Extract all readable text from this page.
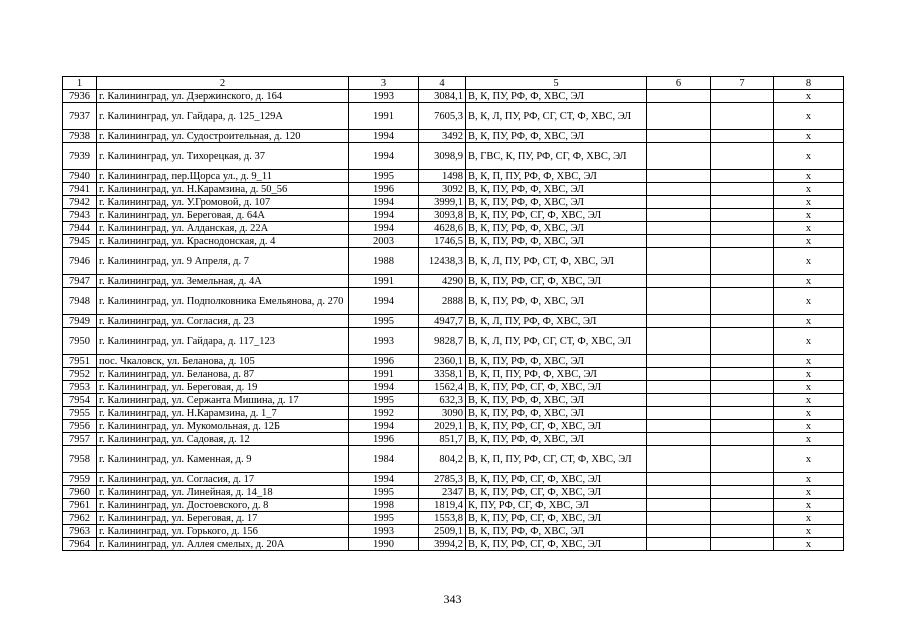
1	2	3	4	5	6	7	8
7936	г. Калининград, ул. Дзержинского, д. 164	1993	3084,1	В, К, ПУ, РФ, Ф, ХВС, ЭЛ			х
7937	г. Калининград, ул. Гайдара, д. 125_129А	1991	7605,3	В, К, Л, ПУ, РФ, СГ, СТ, Ф, ХВС, ЭЛ			х
7938	г. Калининград, ул. Судостроительная, д. 120	1994	3492	В, К, ПУ, РФ, Ф, ХВС, ЭЛ			х
7939	г. Калининград, ул. Тихорецкая, д. 37	1994	3098,9	В, ГВС, К, ПУ, РФ, СГ, Ф, ХВС, ЭЛ			х
7940	г. Калининград, пер.Щорса ул., д. 9_11	1995	1498	В, К, П, ПУ, РФ, Ф, ХВС, ЭЛ			х
7941	г. Калининград, ул. Н.Карамзина, д. 50_56	1996	3092	В, К, ПУ, РФ, Ф, ХВС, ЭЛ			х
7942	г. Калининград, ул. У.Громовой, д. 107	1994	3999,1	В, К, ПУ, РФ, Ф, ХВС, ЭЛ			х
7943	г. Калининград, ул. Береговая, д. 64А	1994	3093,8	В, К, ПУ, РФ, СГ, Ф, ХВС, ЭЛ			х
7944	г. Калининград, ул. Алданская, д. 22А	1994	4628,6	В, К, ПУ, РФ, Ф, ХВС, ЭЛ			х
7945	г. Калининград, ул. Краснодонская, д. 4	2003	1746,5	В, К, ПУ, РФ, Ф, ХВС, ЭЛ			х
7946	г. Калининград, ул. 9 Апреля, д. 7	1988	12438,3	В, К, Л, ПУ, РФ, СТ, Ф, ХВС, ЭЛ			х
7947	г. Калининград, ул. Земельная, д. 4А	1991	4290	В, К, ПУ, РФ, СГ, Ф, ХВС, ЭЛ			х
7948	г. Калининград, ул. Подполковника Емельянова, д. 270	1994	2888	В, К, ПУ, РФ, Ф, ХВС, ЭЛ			х
7949	г. Калининград, ул. Согласия, д. 23	1995	4947,7	В, К, Л, ПУ, РФ, Ф, ХВС, ЭЛ			х
7950	г. Калининград, ул. Гайдара, д. 117_123	1993	9828,7	В, К, Л, ПУ, РФ, СГ, СТ, Ф, ХВС, ЭЛ			х
7951	пос. Чкаловск, ул. Беланова, д. 105	1996	2360,1	В, К, ПУ, РФ, Ф, ХВС, ЭЛ			х
7952	г. Калининград, ул. Беланова, д. 87	1991	3358,1	В, К, П, ПУ, РФ, Ф, ХВС, ЭЛ			х
7953	г. Калининград, ул. Береговая, д. 19	1994	1562,4	В, К, ПУ, РФ, СГ, Ф, ХВС, ЭЛ			х
7954	г. Калининград, ул. Сержанта Мишина, д. 17	1995	632,3	В, К, ПУ, РФ, Ф, ХВС, ЭЛ			х
7955	г. Калининград, ул. Н.Карамзина, д. 1_7	1992	3090	В, К, ПУ, РФ, Ф, ХВС, ЭЛ			х
7956	г. Калининград, ул. Мукомольная, д. 12Б	1994	2029,1	В, К, ПУ, РФ, СГ, Ф, ХВС, ЭЛ			х
7957	г. Калининград, ул. Садовая, д. 12	1996	851,7	В, К, ПУ, РФ, Ф, ХВС, ЭЛ			х
7958	г. Калининград, ул. Каменная, д. 9	1984	804,2	В, К, П, ПУ, РФ, СГ, СТ, Ф, ХВС, ЭЛ			х
7959	г. Калининград, ул. Согласия, д. 17	1994	2785,3	В, К, ПУ, РФ, СГ, Ф, ХВС, ЭЛ			х
7960	г. Калининград, ул. Линейная, д. 14_18	1995	2347	В, К, ПУ, РФ, СГ, Ф, ХВС, ЭЛ			х
7961	г. Калининград, ул. Достоевского, д. 8	1998	1819,4	К, ПУ, РФ, СГ, Ф, ХВС, ЭЛ			х
7962	г. Калининград, ул. Береговая, д. 17	1995	1553,8	В, К, ПУ, РФ, СГ, Ф, ХВС, ЭЛ			х
7963	г. Калининград, ул. Горького, д. 156	1993	2509,1	В, К, ПУ, РФ, Ф, ХВС, ЭЛ			х
7964	г. Калининград, ул. Аллея смелых, д. 20А	1990	3994,2	В, К, ПУ, РФ, СГ, Ф, ХВС, ЭЛ			х
343
